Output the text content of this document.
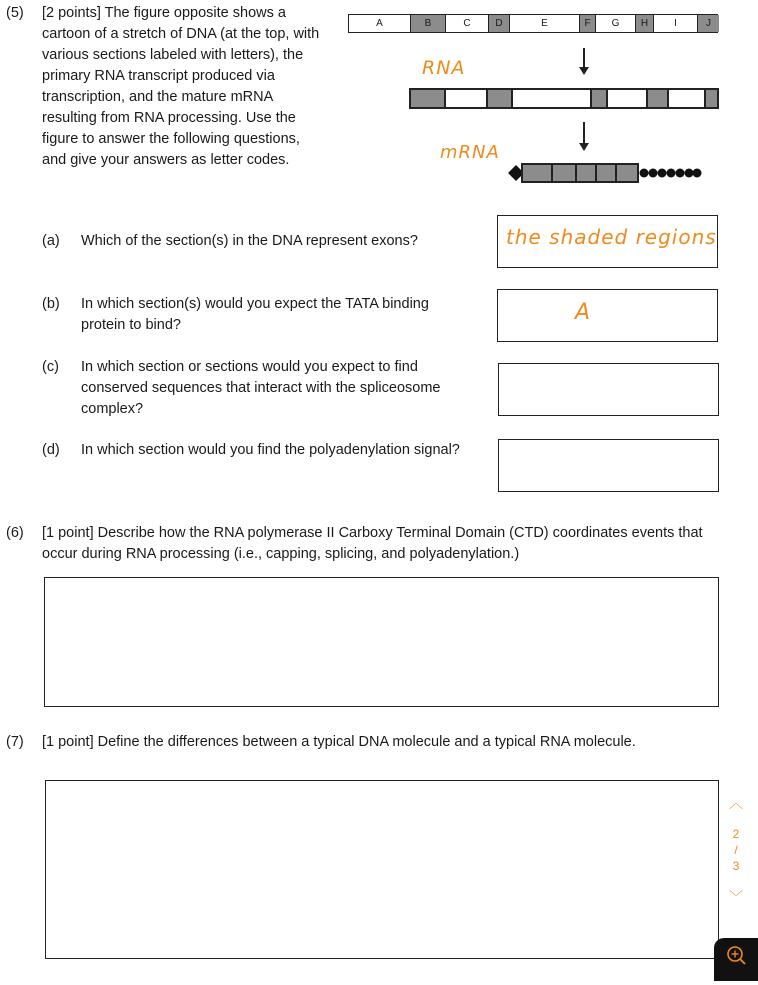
(5) [2 points] The figure opposite shows a cartoon of a stretch of DNA (at the top, with various sections labeled with letters), the primary RNA transcript produced via transcription, and the mature mRNA resulting from RNA processing. Use the figure to answer the following questions, and give your answers as letter codes.
A	B	C	D	E	F	G	H	I	J
RNA
mRNA
(a) Which of the section(s) in the DNA represent exons?	the shaded regions
(b) In which section(s) would you expect the TATA binding protein to bind?	A
(c) In which section or sections would you expect to find conserved sequences that interact with the spliceosome complex?
(d) In which section would you find the polyadenylation signal?
(6) [1 point] Describe how the RNA polymerase II Carboxy Terminal Domain (CTD) coordinates events that occur during RNA processing (i.e., capping, splicing, and polyadenylation.)
(7) [1 point] Define the differences between a typical DNA molecule and a typical RNA molecule.
︿
2
/
3
﹀
